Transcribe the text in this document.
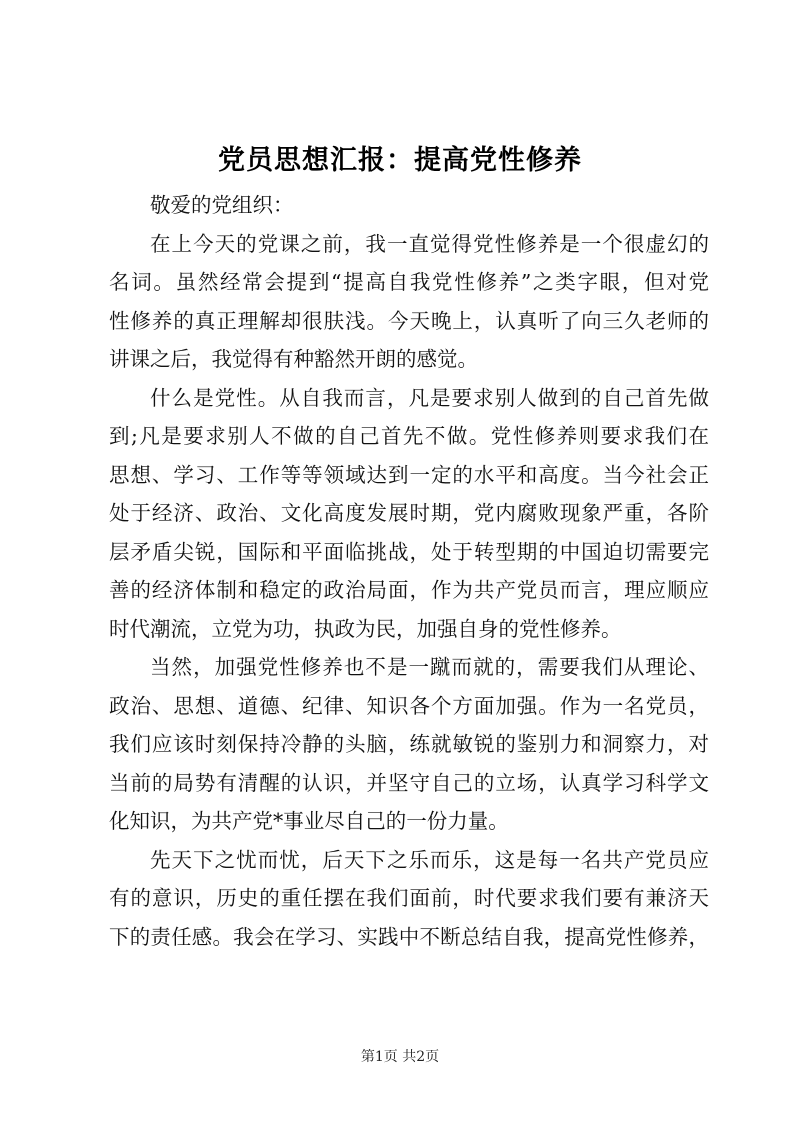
党员思想汇报：提高党性修养

敬爱的党组织：

在上今天的党课之前，我一直觉得党性修养是一个很虚幻的
名词。虽然经常会提到“提高自我党性修养”之类字眼，但对党
性修养的真正理解却很肤浅。今天晚上，认真听了向三久老师的
讲课之后，我觉得有种豁然开朗的感觉。
什么是党性。从自我而言，凡是要求别人做到的自己首先做
到;凡是要求别人不做的自己首先不做。党性修养则要求我们在
思想、学习、工作等等领域达到一定的水平和高度。当今社会正
处于经济、政治、文化高度发展时期，党内腐败现象严重，各阶
层矛盾尖锐，国际和平面临挑战，处于转型期的中国迫切需要完
善的经济体制和稳定的政治局面，作为共产党员而言，理应顺应
时代潮流，立党为功，执政为民，加强自身的党性修养。
当然，加强党性修养也不是一蹴而就的，需要我们从理论、
政治、思想、道德、纪律、知识各个方面加强。作为一名党员，
我们应该时刻保持冷静的头脑，练就敏锐的鉴别力和洞察力，对
当前的局势有清醒的认识，并坚守自己的立场，认真学习科学文
化知识，为共产党*事业尽自己的一份力量。
先天下之忧而忧，后天下之乐而乐，这是每一名共产党员应
有的意识，历史的重任摆在我们面前，时代要求我们要有兼济天
下的责任感。我会在学习、实践中不断总结自我，提高党性修养，
第1页 共2页
